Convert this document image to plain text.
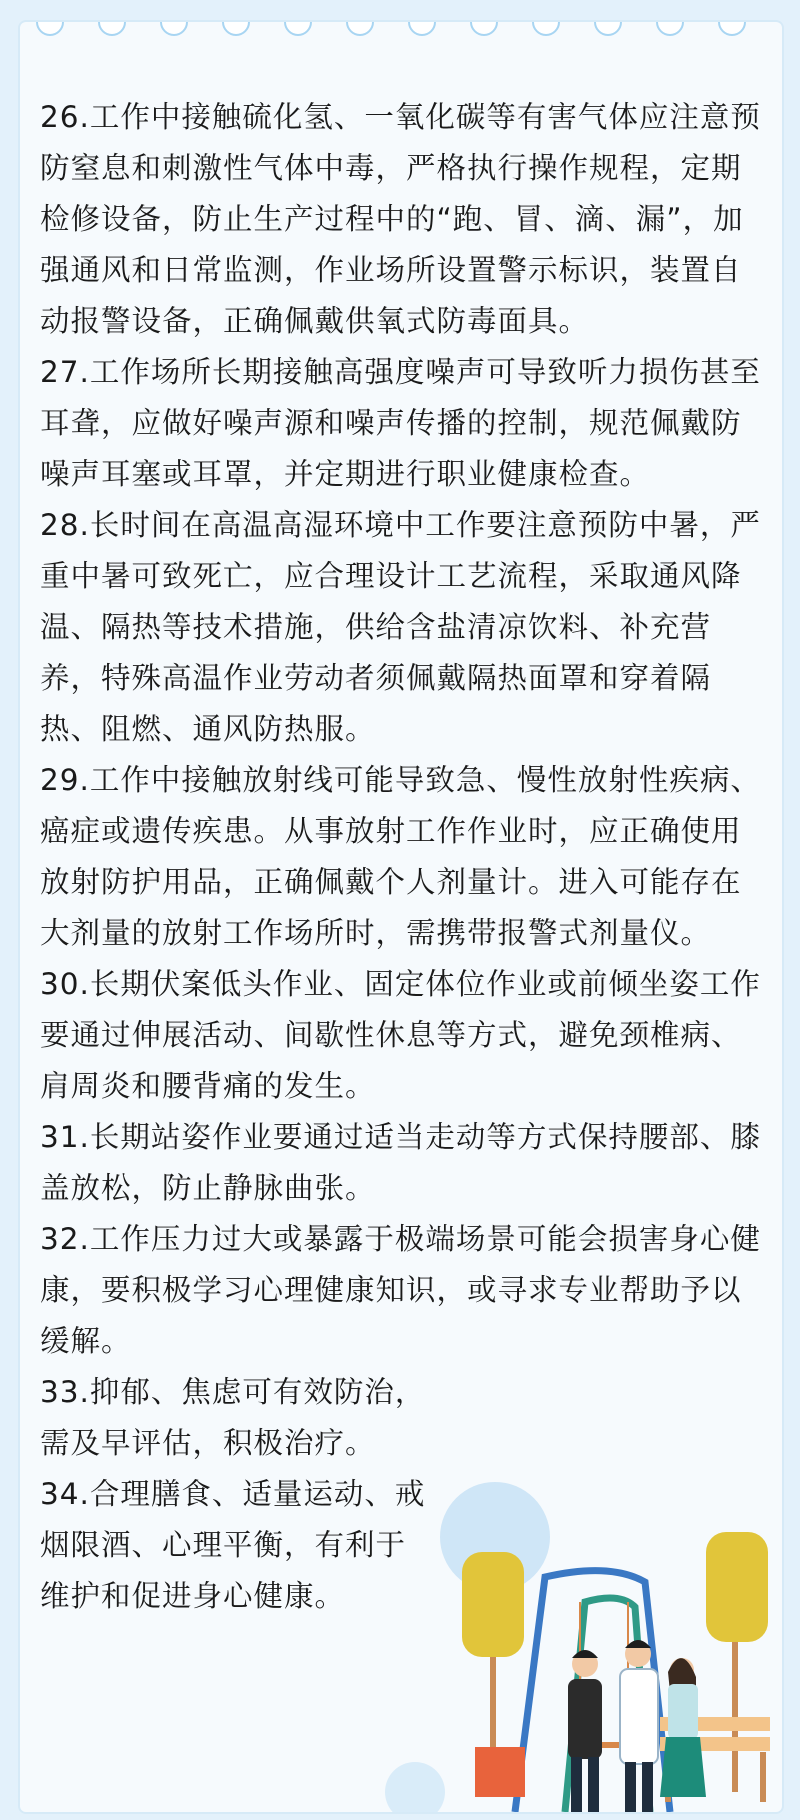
26.工作中接触硫化氢、一氧化碳等有害气体应注意预防窒息和刺激性气体中毒，严格执行操作规程，定期检修设备，防止生产过程中的“跑、冒、滴、漏”，加强通风和日常监测，作业场所设置警示标识，装置自动报警设备，正确佩戴供氧式防毒面具。

27.工作场所长期接触高强度噪声可导致听力损伤甚至耳聋，应做好噪声源和噪声传播的控制，规范佩戴防噪声耳塞或耳罩，并定期进行职业健康检查。

28.长时间在高温高湿环境中工作要注意预防中暑，严重中暑可致死亡，应合理设计工艺流程，采取通风降温、隔热等技术措施，供给含盐清凉饮料、补充营养，特殊高温作业劳动者须佩戴隔热面罩和穿着隔热、阻燃、通风防热服。

29.工作中接触放射线可能导致急、慢性放射性疾病、癌症或遗传疾患。从事放射工作作业时，应正确使用放射防护用品，正确佩戴个人剂量计。进入可能存在大剂量的放射工作场所时，需携带报警式剂量仪。

30.长期伏案低头作业、固定体位作业或前倾坐姿工作要通过伸展活动、间歇性休息等方式，避免颈椎病、肩周炎和腰背痛的发生。

31.长期站姿作业要通过适当走动等方式保持腰部、膝盖放松，防止静脉曲张。

32.工作压力过大或暴露于极端场景可能会损害身心健康，要积极学习心理健康知识，或寻求专业帮助予以缓解。

33.抑郁、焦虑可有效防治，
需及早评估，积极治疗。

34.合理膳食、适量运动、戒
烟限酒、心理平衡，有利于
维护和促进身心健康。
